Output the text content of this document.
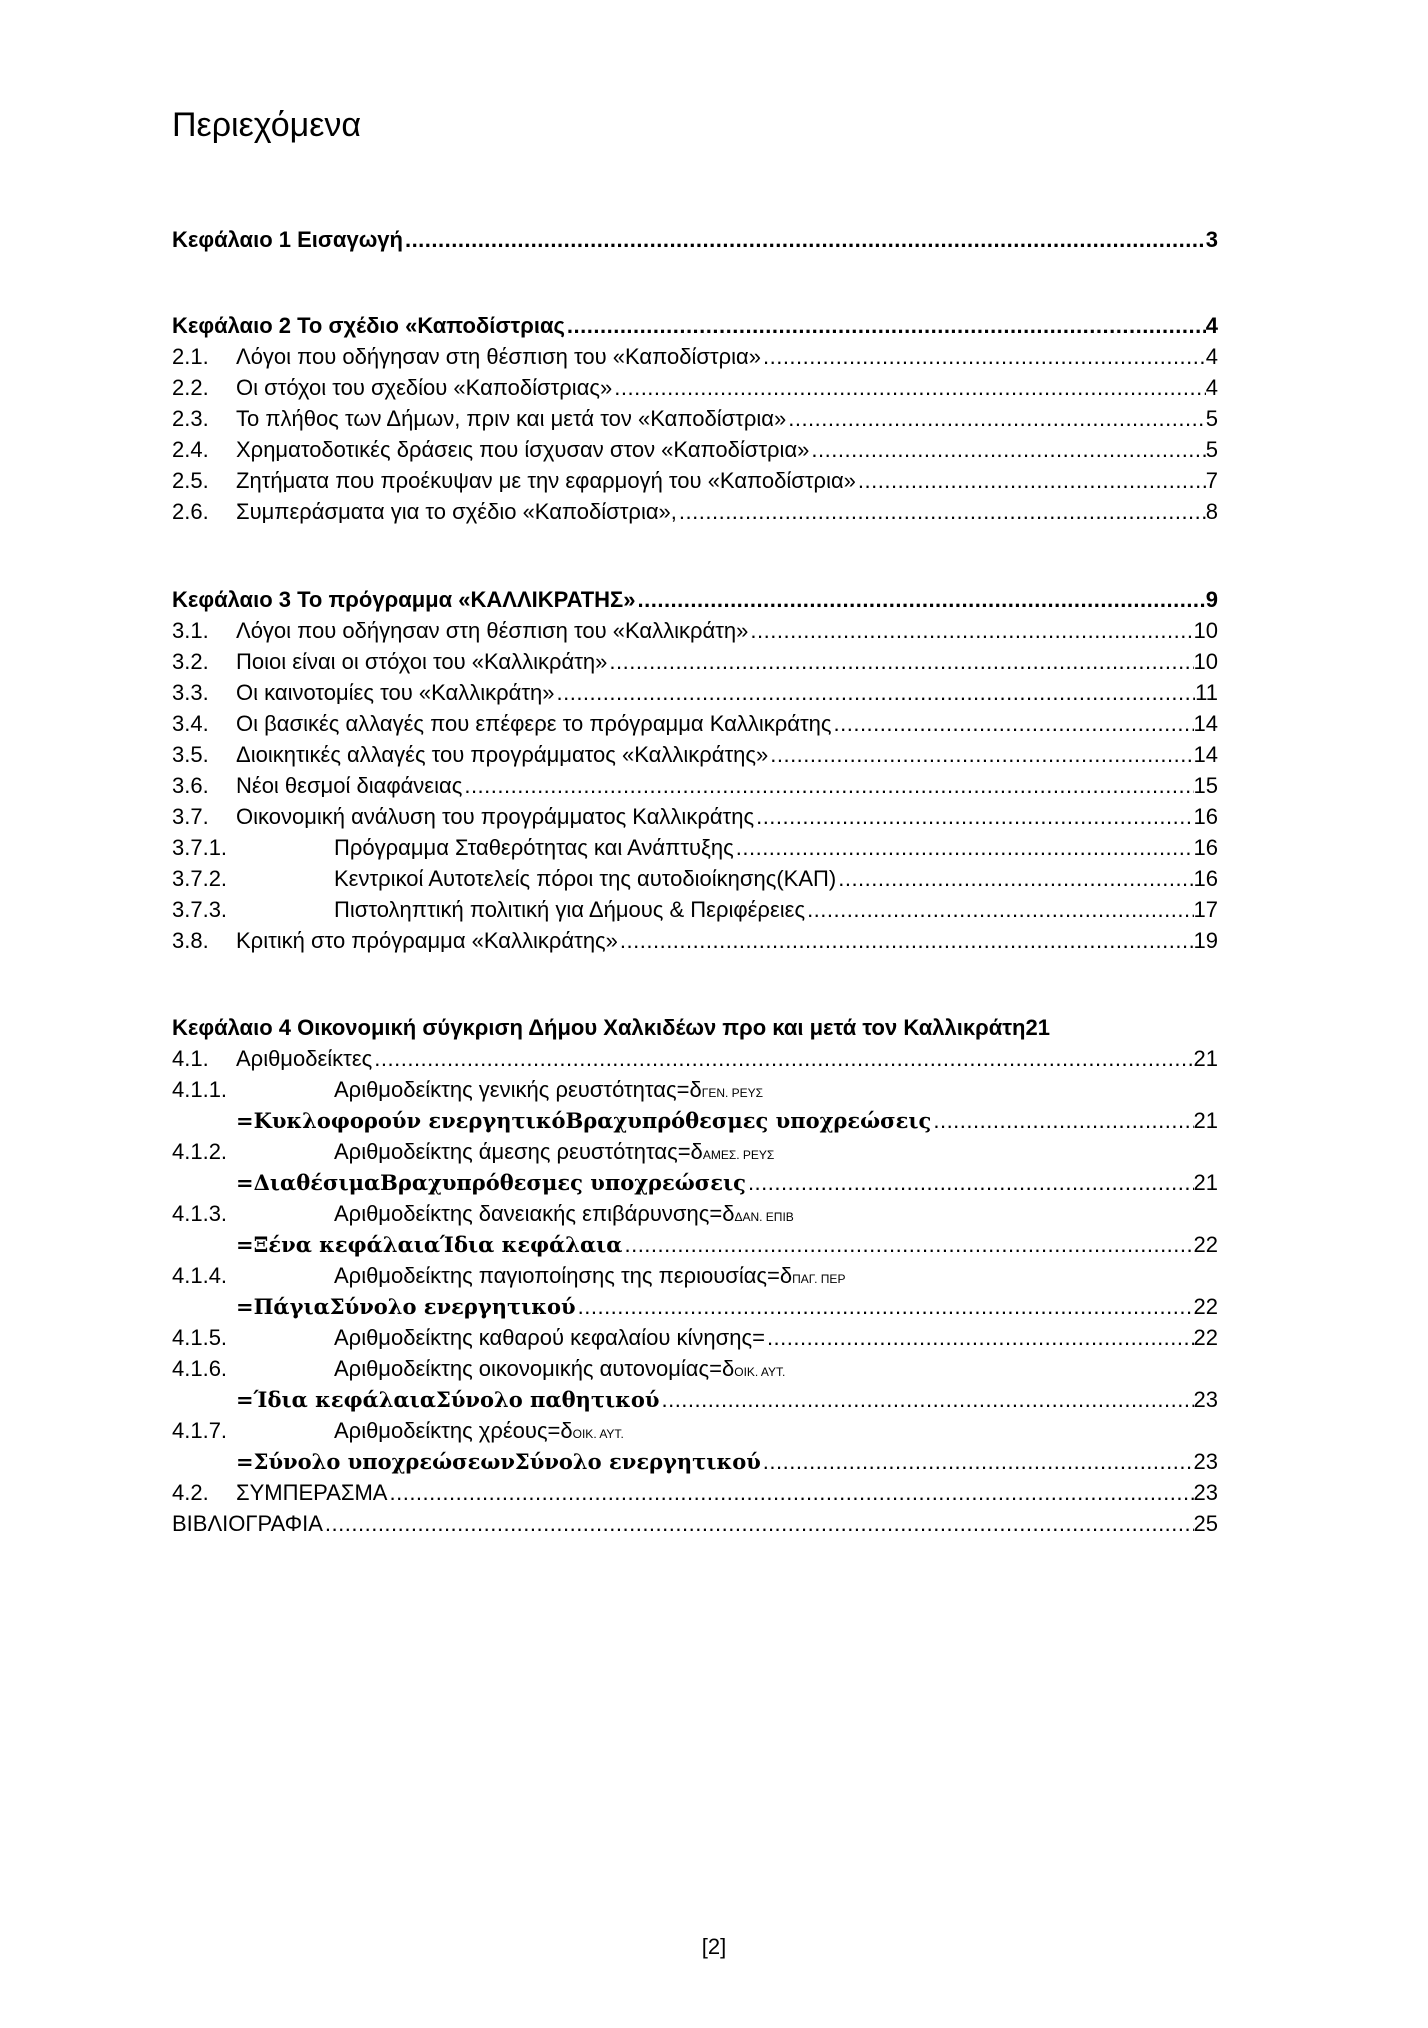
Περιεχόμενα
Κεφάλαιο 1 Εισαγωγή .....	3
Κεφάλαιο 2 Το σχέδιο «Καποδίστριας .....	4
2.1.	Λόγοι που οδήγησαν στη θέσπιση του «Καποδίστρια» .....	4
2.2.	Οι στόχοι του σχεδίου «Καποδίστριας» .....	4
2.3.	Το πλήθος των Δήμων, πριν και μετά τον «Καποδίστρια» .....	5
2.4.	Χρηματοδοτικές δράσεις που ίσχυσαν στον «Καποδίστρια» .....	5
2.5.	Ζητήματα που προέκυψαν με την εφαρμογή του «Καποδίστρια» .....	7
2.6.	Συμπεράσματα για το σχέδιο «Καποδίστρια», .....	8
Κεφάλαιο 3 Το πρόγραμμα «ΚΑΛΛΙΚΡΑΤΗΣ» .....	9
3.1.	Λόγοι που οδήγησαν στη θέσπιση του «Καλλικράτη» .....	10
3.2.	Ποιοι είναι οι στόχοι του «Καλλικράτη» .....	10
3.3.	Οι καινοτομίες του «Καλλικράτη» .....	11
3.4.	Οι βασικές αλλαγές που επέφερε το πρόγραμμα Καλλικράτης .....	14
3.5.	Διοικητικές αλλαγές του προγράμματος «Καλλικράτης» .....	14
3.6.	Νέοι θεσμοί διαφάνειας .....	15
3.7.	Οικονομική ανάλυση του προγράμματος Καλλικράτης .....	16
3.7.1.	Πρόγραμμα Σταθερότητας και Ανάπτυξης .....	16
3.7.2.	Κεντρικοί Αυτοτελείς πόροι της αυτοδιοίκησης(ΚΑΠ) .....	16
3.7.3.	Πιστοληπτική πολιτική για Δήμους & Περιφέρειες .....	17
3.8.	Κριτική στο πρόγραμμα «Καλλικράτης» .....	19
Κεφάλαιο 4 Οικονομική σύγκριση Δήμου Χαλκιδέων προ και μετά τον Καλλικράτη 21
4.1.	Αριθμοδείκτες .....	21
4.1.1.	Αριθμοδείκτης γενικής ρευστότητας=δΓΕΝ. ΡΕΥΣ
=Κυκλοφορούν ενεργητικόΒραχυπρόθεσμες υποχρεώσεις .....	21
4.1.2.	Αριθμοδείκτης άμεσης ρευστότητας=δΑΜΕΣ. ΡΕΥΣ
=ΔιαθέσιμαΒραχυπρόθεσμες υποχρεώσεις .....	21
4.1.3.	Αριθμοδείκτης δανειακής επιβάρυνσης=δΔΑΝ. ΕΠΙΒ
=Ξένα κεφάλαιαΊδια κεφάλαια .....	22
4.1.4.	Αριθμοδείκτης παγιοποίησης της περιουσίας=δΠΑΓ. ΠΕΡ
=ΠάγιαΣύνολο ενεργητικού .....	22
4.1.5.	Αριθμοδείκτης καθαρού κεφαλαίου κίνησης= .....	22
4.1.6.	Αριθμοδείκτης οικονομικής αυτονομίας=δΟΙΚ. ΑΥΤ.
=Ίδια κεφάλαιαΣύνολο παθητικού .....	23
4.1.7.	Αριθμοδείκτης χρέους=δΟΙΚ. ΑΥΤ.
=Σύνολο υποχρεώσεωνΣύνολο ενεργητικού .....	23
4.2.	ΣΥΜΠΕΡΑΣΜΑ .....	23
ΒΙΒΛΙΟΓΡΑΦΙΑ .....	25
[2]
